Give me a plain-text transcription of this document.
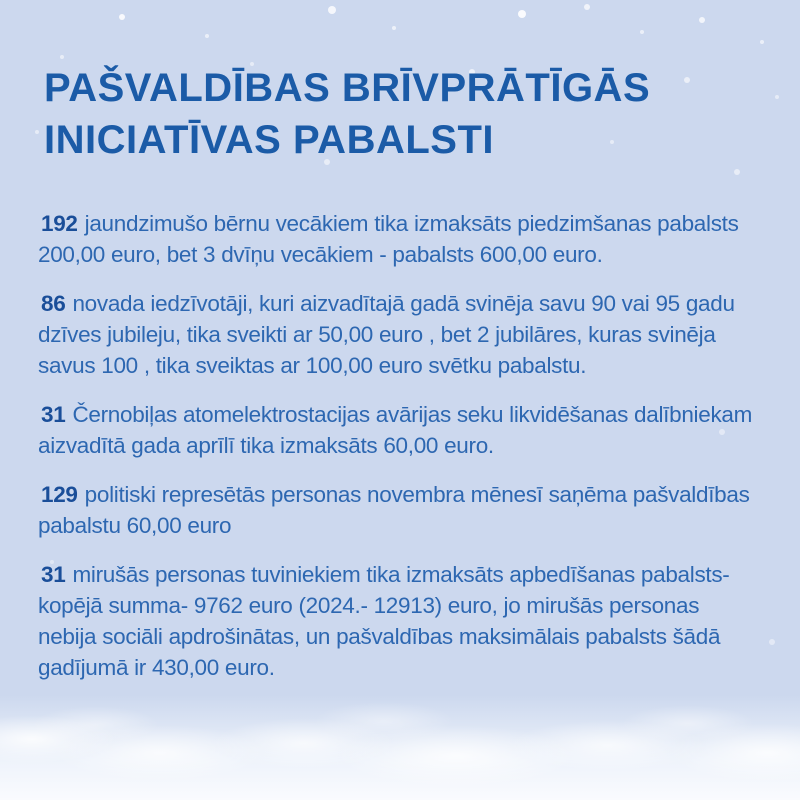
PAŠVALDĪBAS BRĪVPRĀTĪGĀS INICIATĪVAS PABALSTI

192 jaundzimušo bērnu vecākiem tika izmaksāts piedzimšanas pabalsts 200,00 euro, bet 3 dvīņu vecākiem - pabalsts 600,00 euro.

86 novada iedzīvotāji, kuri aizvadītajā gadā svinēja savu 90 vai 95 gadu dzīves jubileju, tika sveikti ar 50,00 euro , bet 2 jubilāres, kuras svinēja savus 100 , tika sveiktas ar 100,00 euro svētku pabalstu.

31 Černobiļas atomelektrostacijas avārijas seku likvidēšanas dalībniekam aizvadītā gada aprīlī tika izmaksāts 60,00 euro.

129 politiski represētās personas novembra mēnesī saņēma pašvaldības pabalstu 60,00 euro

31 mirušās personas tuviniekiem tika izmaksāts apbedīšanas pabalsts- kopējā summa- 9762 euro (2024.- 12913) euro, jo mirušās personas nebija sociāli apdrošinātas, un pašvaldības maksimālais pabalsts šādā gadījumā ir 430,00 euro.
